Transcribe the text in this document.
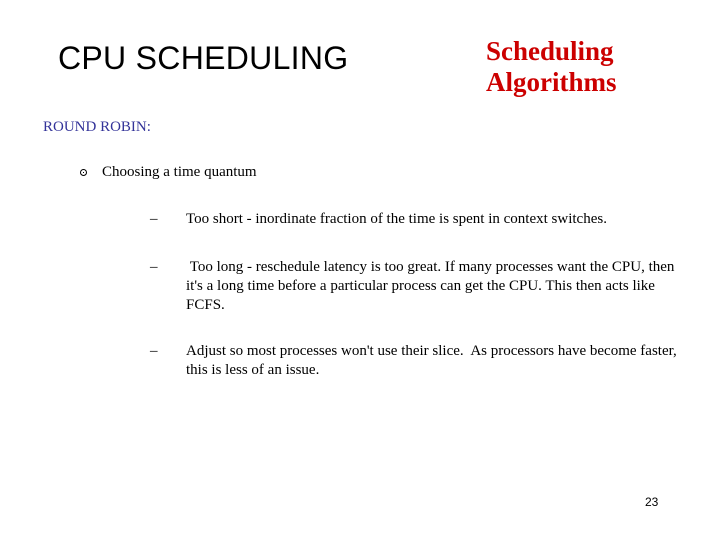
CPU SCHEDULING	Scheduling
Algorithms
ROUND ROBIN:
Choosing a time quantum
– Too short - inordinate fraction of the time is spent in context switches.
– Too long - reschedule latency is too great. If many processes want the CPU, then it's a long time before a particular process can get the CPU. This then acts like FCFS.
– Adjust so most processes won't use their slice.  As processors have become faster, this is less of an issue.
23
